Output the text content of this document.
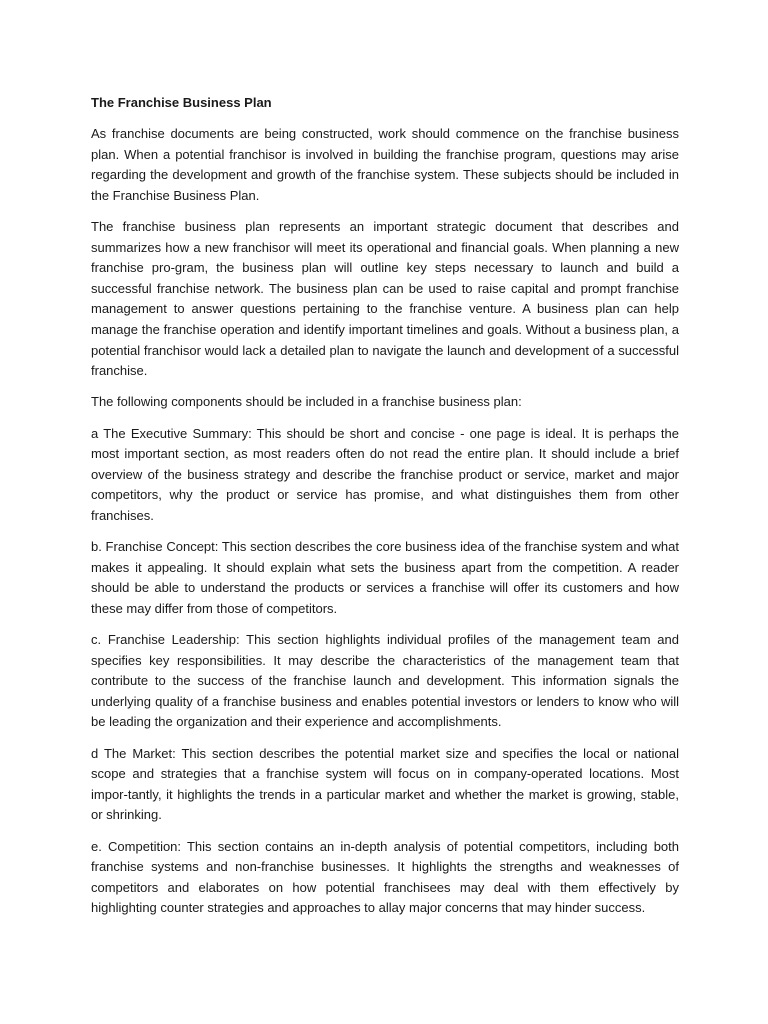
The Franchise Business Plan

As franchise documents are being constructed, work should commence on the franchise business plan. When a potential franchisor is involved in building the franchise program, questions may arise regarding the development and growth of the franchise system. These subjects should be included in the Franchise Business Plan.

The franchise business plan represents an important strategic document that describes and summarizes how a new franchisor will meet its operational and financial goals. When planning a new franchise pro-gram, the business plan will outline key steps necessary to launch and build a successful franchise network. The business plan can be used to raise capital and prompt franchise management to answer questions pertaining to the franchise venture. A business plan can help manage the franchise operation and identify important timelines and goals. Without a business plan, a potential franchisor would lack a detailed plan to navigate the launch and development of a successful franchise.

The following components should be included in a franchise business plan:

a The Executive Summary: This should be short and concise - one page is ideal. It is perhaps the most important section, as most readers often do not read the entire plan. It should include a brief overview of the business strategy and describe the franchise product or service, market and major competitors, why the product or service has promise, and what distinguishes them from other franchises.

b. Franchise Concept: This section describes the core business idea of the franchise system and what makes it appealing. It should explain what sets the business apart from the competition. A reader should be able to understand the products or services a franchise will offer its customers and how these may differ from those of competitors.

c. Franchise Leadership: This section highlights individual profiles of the management team and specifies key responsibilities. It may describe the characteristics of the management team that contribute to the success of the franchise launch and development. This information signals the underlying quality of a franchise business and enables potential investors or lenders to know who will be leading the organization and their experience and accomplishments.

d The Market: This section describes the potential market size and specifies the local or national scope and strategies that a franchise system will focus on in company-operated locations. Most impor-tantly, it highlights the trends in a particular market and whether the market is growing, stable, or shrinking.

e. Competition: This section contains an in-depth analysis of potential competitors, including both franchise systems and non-franchise businesses. It highlights the strengths and weaknesses of competitors and elaborates on how potential franchisees may deal with them effectively by highlighting counter strategies and approaches to allay major concerns that may hinder success.
